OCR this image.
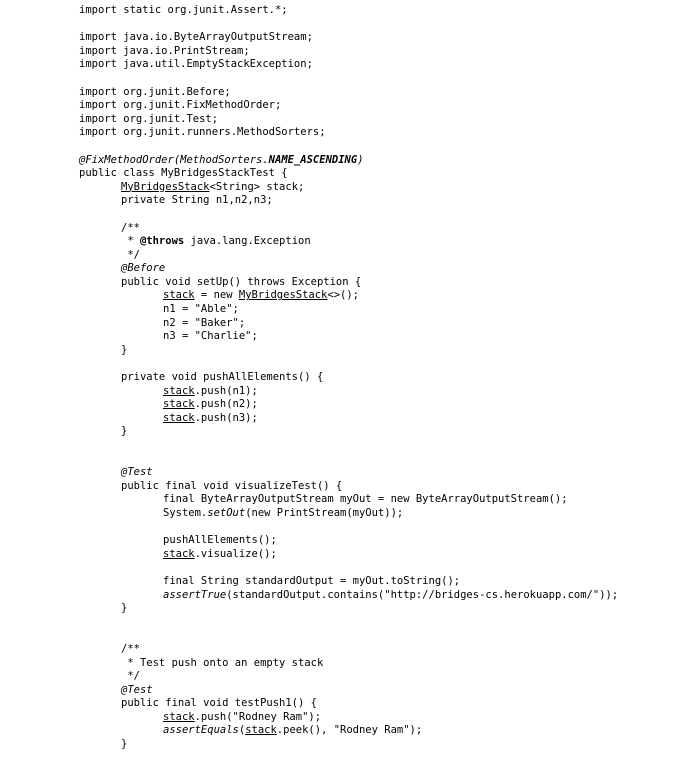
import static org.junit.Assert.*;
import java.io.ByteArrayOutputStream;
import java.io.PrintStream;
import java.util.EmptyStackException;
import org.junit.Before;
import org.junit.FixMethodOrder;
import org.junit.Test;
import org.junit.runners.MethodSorters;
@FixMethodOrder(MethodSorters.NAME_ASCENDING)
public class MyBridgesStackTest {
MyBridgesStack<String> stack;
private String n1,n2,n3;
/**
* @throws java.lang.Exception
*/
@Before
public void setUp() throws Exception {
stack = new MyBridgesStack<>();
n1 = "Able";
n2 = "Baker";
n3 = "Charlie";
}
private void pushAllElements() {
stack.push(n1);
stack.push(n2);
stack.push(n3);
}
@Test
public final void visualizeTest() {
final ByteArrayOutputStream myOut = new ByteArrayOutputStream();
System.setOut(new PrintStream(myOut));
pushAllElements();
stack.visualize();
final String standardOutput = myOut.toString();
assertTrue(standardOutput.contains("http://bridges-cs.herokuapp.com/"));
}
/**
* Test push onto an empty stack
*/
@Test
public final void testPush1() {
stack.push("Rodney Ram");
assertEquals(stack.peek(), "Rodney Ram");
}
